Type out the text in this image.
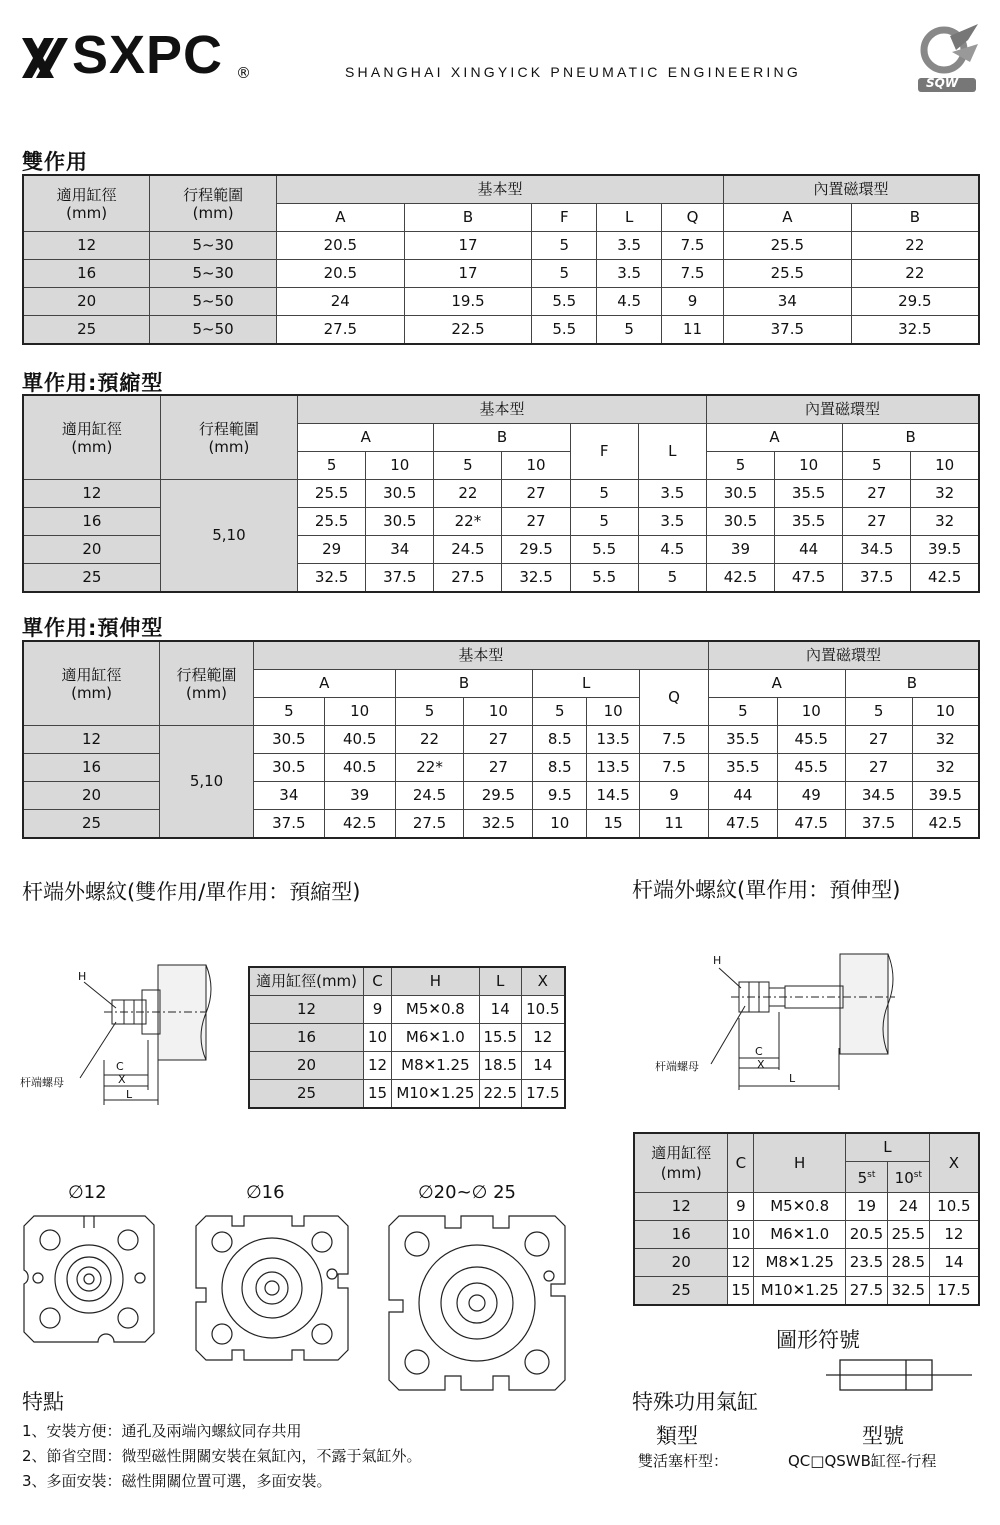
SXPC ®	SHANGHAI XINGYICK PNEUMATIC ENGINEERING
SQW
雙作用
適用缸徑
(mm)	行程範圍
(mm)	基本型					內置磁環型	
		A	B	F	L	Q	A	B
12	5~30	20.5	17	5	3.5	7.5	25.5	22
16	5~30	20.5	17	5	3.5	7.5	25.5	22
20	5~50	24	19.5	5.5	4.5	9	34	29.5
25	5~50	27.5	22.5	5.5	5	11	37.5	32.5
單作用:預縮型
適用缸徑
(mm)	行程範圍
(mm)	基本型						內置磁環型			
		A		B		F	L	A		B	
		5	10	5	10			5	10	5	10
12	5,10	25.5	30.5	22	27	5	3.5	30.5	35.5	27	32
16		25.5	30.5	22*	27	5	3.5	30.5	35.5	27	32
20		29	34	24.5	29.5	5.5	4.5	39	44	34.5	39.5
25		32.5	37.5	27.5	32.5	5.5	5	42.5	47.5	37.5	42.5
單作用:預伸型
適用缸徑
(mm)	行程範圍
(mm)	基本型							內置磁環型			
		A		B		L		Q	A		B	
		5	10	5	10	5	10		5	10	5	10
12	5,10	30.5	40.5	22	27	8.5	13.5	7.5	35.5	45.5	27	32
16		30.5	40.5	22*	27	8.5	13.5	7.5	35.5	45.5	27	32
20		34	39	24.5	29.5	9.5	14.5	9	44	49	34.5	39.5
25		37.5	42.5	27.5	32.5	10	15	11	47.5	47.5	37.5	42.5
杆端外螺紋(雙作用/單作用：預縮型)
H
C
X
L
杆端螺母
適用缸徑(mm)	C	H	L	X
12	9	M5✕0.8	14	10.5
16	10	M6✕1.0	15.5	12
20	12	M8✕1.25	18.5	14
25	15	M10✕1.25	22.5	17.5
杆端外螺紋(單作用：預伸型)
H
C
X
L
杆端螺母
適用缸徑
(mm)	C	H	L		X
			5st	10st
12	9	M5✕0.8	19	24	10.5
16	10	M6✕1.0	20.5	25.5	12
20	12	M8✕1.25	23.5	28.5	14
25	15	M10✕1.25	27.5	32.5	17.5
∅12	∅16	∅20~∅ 25
圖形符號
特點
1、安裝方便：通孔及兩端內螺紋同存共用
2、節省空間：微型磁性開關安裝在氣缸內，不露于氣缸外。
3、多面安裝：磁性開關位置可選，多面安裝。
特殊功用氣缸
類型	型號
雙活塞杆型：	QC□QSWB缸徑-行程
